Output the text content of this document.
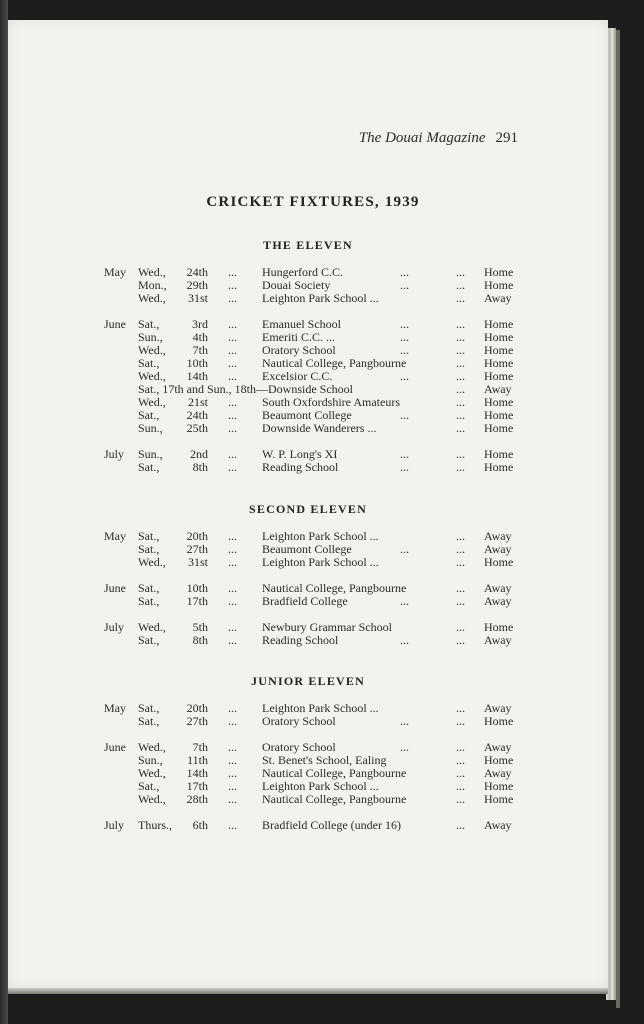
The Douai Magazine 291
CRICKET FIXTURES, 1939
THE ELEVEN
May Wed.,	24th ... Hungerford C.C.	...	... Home
Mon.,	29th ... Douai Society	...	... Home
Wed.,	31st ... Leighton Park School ...	... Away
June Sat.,	3rd ... Emanuel School	...	... Home
Sun.,	4th ... Emeriti C.C. ...	...	... Home
Wed.,	7th ... Oratory School	...	... Home
Sat.,	10th ... Nautical College, Pangbourne	... Home
Wed.,	14th ... Excelsior C.C.	...	... Home
Sat., 17th and Sun., 18th—Downside School	... Away
Wed.,	21st ... South Oxfordshire Amateurs	... Home
Sat.,	24th ... Beaumont College	...	... Home
Sun.,	25th ... Downside Wanderers ...	... Home
July Sun.,	2nd ... W. P. Long's XI	...	... Home
Sat.,	8th ... Reading School	...	... Home
SECOND ELEVEN
May Sat.,	20th ... Leighton Park School ...	... Away
Sat.,	27th ... Beaumont College	...	... Away
Wed.,	31st ... Leighton Park School ...	... Home
June Sat.,	10th ... Nautical College, Pangbourne	... Away
Sat.,	17th ... Bradfield College	...	... Away
July Wed.,	5th ... Newbury Grammar School	... Home
Sat.,	8th ... Reading School	...	... Away
JUNIOR ELEVEN
May Sat.,	20th ... Leighton Park School ...	... Away
Sat.,	27th ... Oratory School	...	... Home
June Wed.,	7th ... Oratory School	...	... Away
Sun.,	11th ... St. Benet's School, Ealing	... Home
Wed.,	14th ... Nautical College, Pangbourne	... Away
Sat.,	17th ... Leighton Park School ...	... Home
Wed.,	28th ... Nautical College, Pangbourne	... Home
July Thurs.,	6th ... Bradfield College (under 16)	... Away
